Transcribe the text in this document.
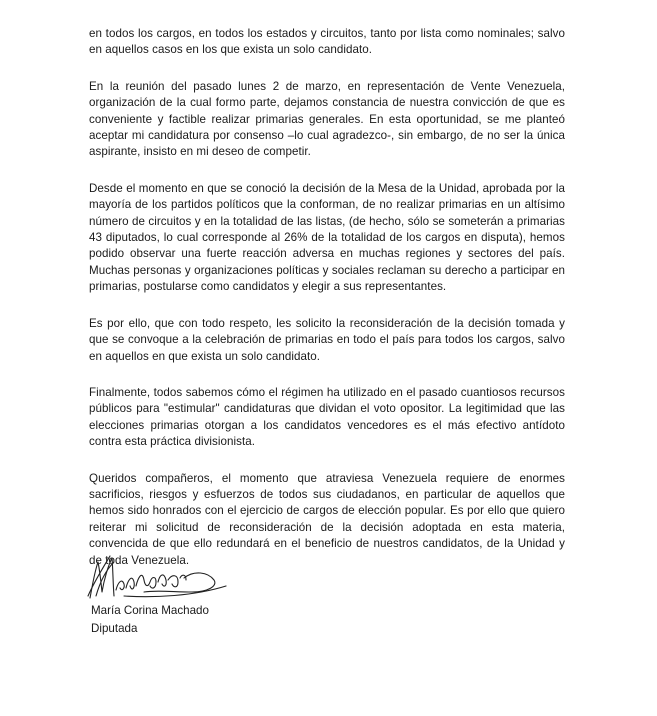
en todos los cargos, en todos los estados y circuitos, tanto por lista como nominales; salvo en aquellos casos en los que exista un solo candidato.

En la reunión del pasado lunes 2 de marzo, en representación de Vente Venezuela, organización de la cual formo parte, dejamos constancia de nuestra convicción de que es conveniente y factible realizar primarias generales. En esta oportunidad, se me planteó aceptar mi candidatura por consenso –lo cual agradezco-, sin embargo, de no ser la única aspirante, insisto en mi deseo de competir.

Desde el momento en que se conoció la decisión de la Mesa de la Unidad, aprobada por la mayoría de los partidos políticos que la conforman, de no realizar primarias en un altísimo número de circuitos y en la totalidad de las listas, (de hecho, sólo se someterán a primarias 43 diputados, lo cual corresponde al 26% de la totalidad de los cargos en disputa), hemos podido observar una fuerte reacción adversa en muchas regiones y sectores del país. Muchas personas y organizaciones políticas y sociales reclaman su derecho a participar en primarias, postularse como candidatos y elegir a sus representantes.

Es por ello, que con todo respeto, les solicito la reconsideración de la decisión tomada y que se convoque a la celebración de primarias en todo el país para todos los cargos, salvo en aquellos en que exista un solo candidato.

Finalmente, todos sabemos cómo el régimen ha utilizado en el pasado cuantiosos recursos públicos para "estimular" candidaturas que dividan el voto opositor. La legitimidad que las elecciones primarias otorgan a los candidatos vencedores es el más efectivo antídoto contra esta práctica divisionista.

Queridos compañeros, el momento que atraviesa Venezuela requiere de enormes sacrificios, riesgos y esfuerzos de todos sus ciudadanos, en particular de aquellos que hemos sido honrados con el ejercicio de cargos de elección popular. Es por ello que quiero reiterar mi solicitud de reconsideración de la decisión adoptada en esta materia, convencida de que ello redundará en el beneficio de nuestros candidatos, de la Unidad y de toda Venezuela.

María Corina Machado
Diputada
